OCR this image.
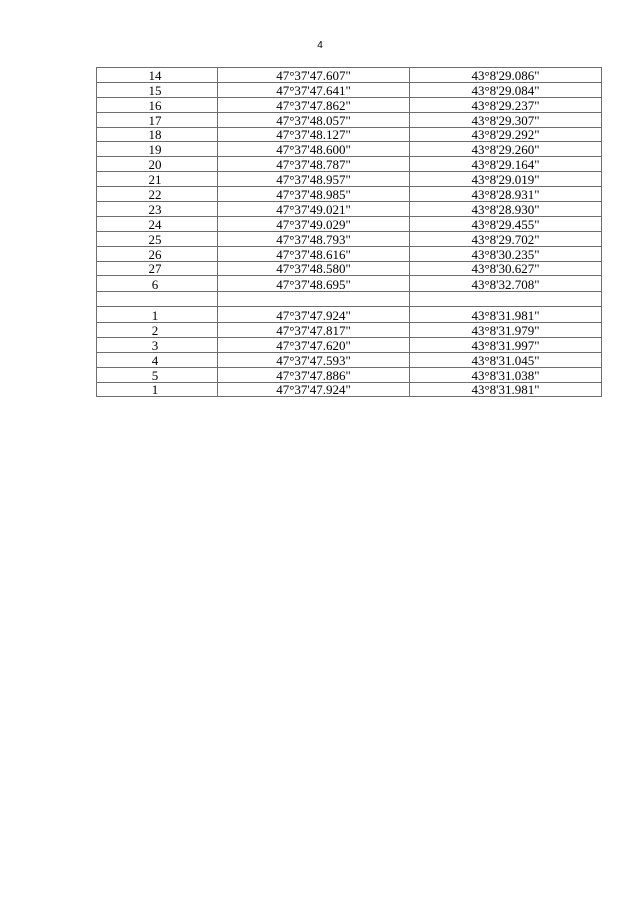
4
14	47°37'47.607"	43°8'29.086"
15	47°37'47.641"	43°8'29.084"
16	47°37'47.862"	43°8'29.237"
17	47°37'48.057"	43°8'29.307"
18	47°37'48.127"	43°8'29.292"
19	47°37'48.600"	43°8'29.260"
20	47°37'48.787"	43°8'29.164"
21	47°37'48.957"	43°8'29.019"
22	47°37'48.985"	43°8'28.931"
23	47°37'49.021"	43°8'28.930"
24	47°37'49.029"	43°8'29.455"
25	47°37'48.793"	43°8'29.702"
26	47°37'48.616"	43°8'30.235"
27	47°37'48.580"	43°8'30.627"
6	47°37'48.695"	43°8'32.708"

1	47°37'47.924"	43°8'31.981"
2	47°37'47.817"	43°8'31.979"
3	47°37'47.620"	43°8'31.997"
4	47°37'47.593"	43°8'31.045"
5	47°37'47.886"	43°8'31.038"
1	47°37'47.924"	43°8'31.981"
